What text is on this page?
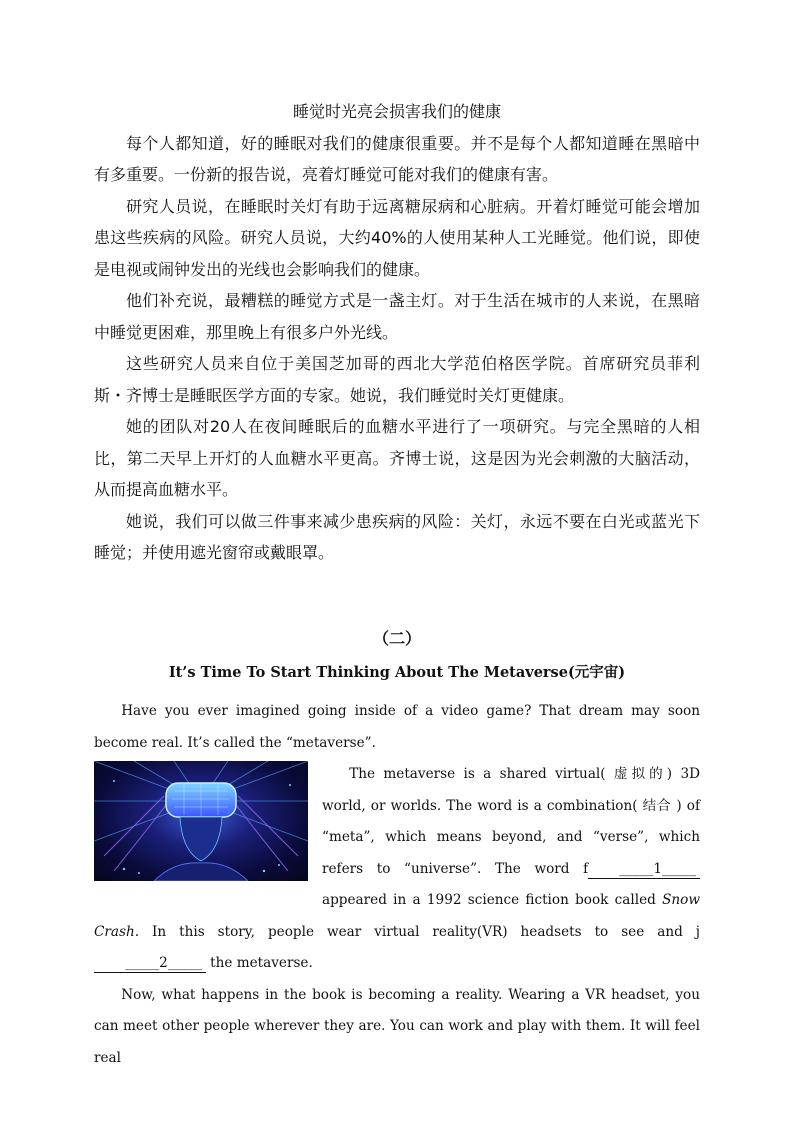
睡觉时光亮会损害我们的健康

每个人都知道，好的睡眠对我们的健康很重要。并不是每个人都知道睡在黑暗中有多重要。一份新的报告说，亮着灯睡觉可能对我们的健康有害。

研究人员说，在睡眠时关灯有助于远离糖尿病和心脏病。开着灯睡觉可能会增加患这些疾病的风险。研究人员说，大约40%的人使用某种人工光睡觉。他们说，即使是电视或闹钟发出的光线也会影响我们的健康。

他们补充说，最糟糕的睡觉方式是一盏主灯。对于生活在城市的人来说，在黑暗中睡觉更困难，那里晚上有很多户外光线。

这些研究人员来自位于美国芝加哥的西北大学范伯格医学院。首席研究员菲利斯・齐博士是睡眠医学方面的专家。她说，我们睡觉时关灯更健康。

她的团队对20人在夜间睡眠后的血糖水平进行了一项研究。与完全黑暗的人相比，第二天早上开灯的人血糖水平更高。齐博士说，这是因为光会刺激的大脑活动，从而提高血糖水平。

她说，我们可以做三件事来减少患疾病的风险：关灯，永远不要在白光或蓝光下睡觉；并使用遮光窗帘或戴眼罩。

（二）
It’s Time To Start Thinking About The Metaverse(元宇宙)

Have you ever imagined going inside of a video game? That dream may soon become real. It’s called the “metaverse”.

The metaverse is a shared virtual( 虚拟的) 3D world, or worlds. The word is a combination( 结合 ) of “meta”, which means beyond, and “verse”, which refers to “universe”. The word f _____1_____ appeared in a 1992 science fiction book called Snow Crash. In this story, people wear virtual reality(VR) headsets to see and j_____2_____ the metaverse.

Now, what happens in the book is becoming a reality. Wearing a VR headset, you can meet other people wherever they are. You can work and play with them. It will feel real
